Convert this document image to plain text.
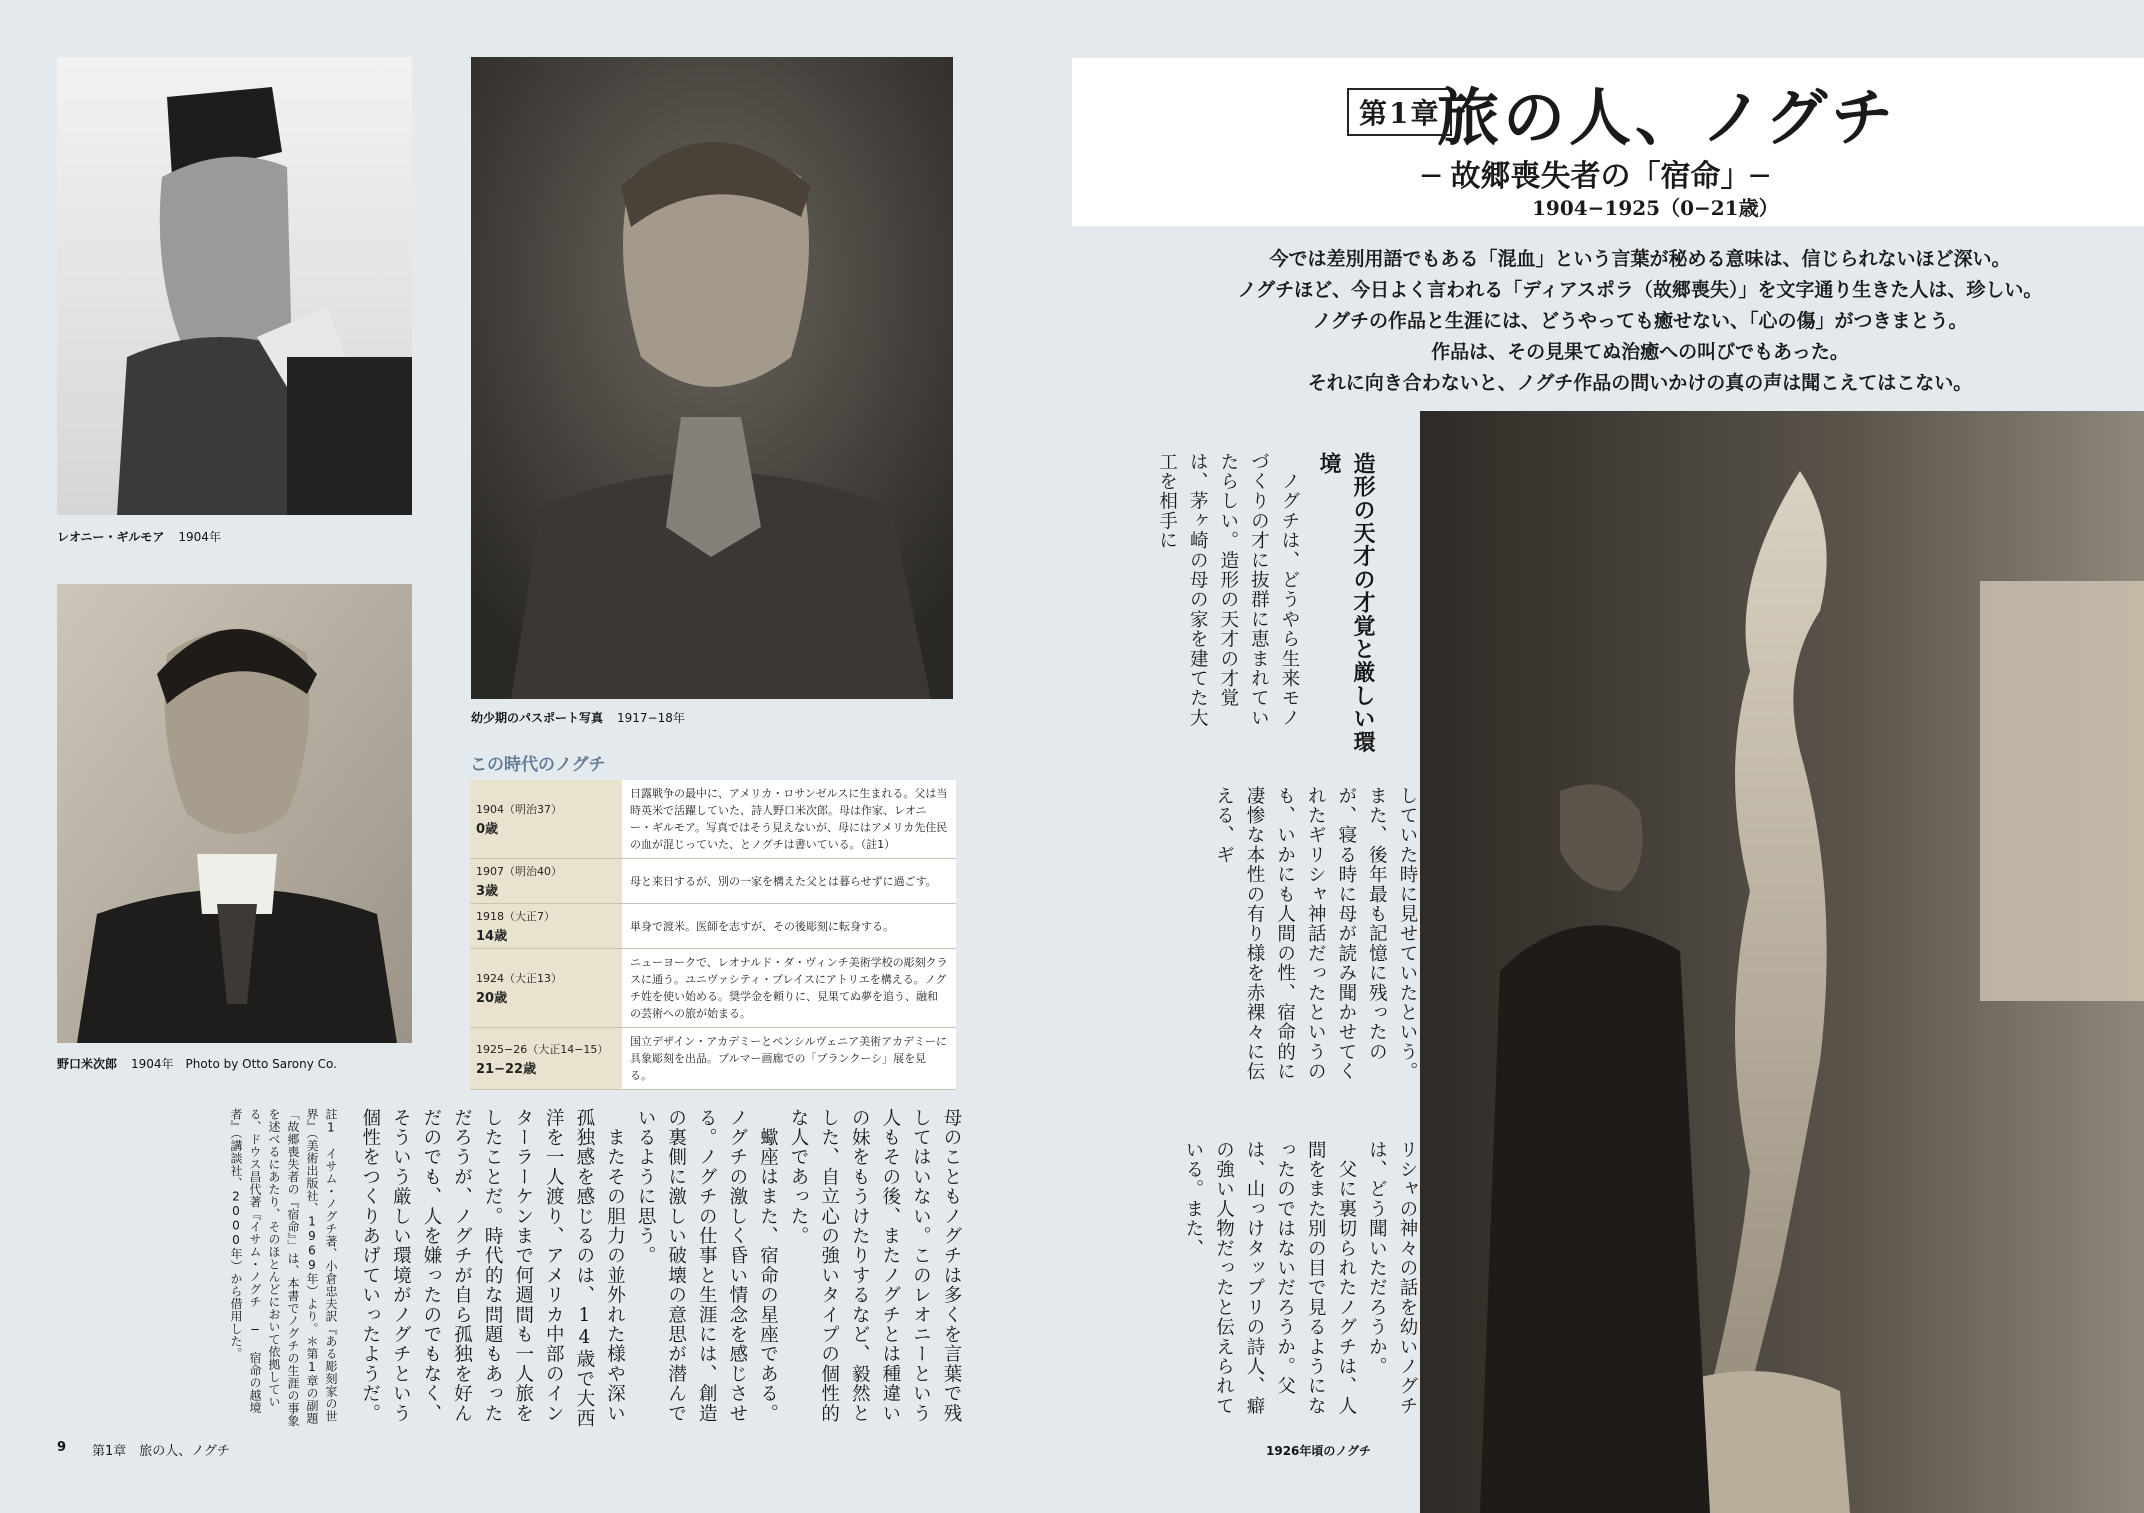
レオニー・ギルモア 1904年
野口米次郎 1904年　Photo by Otto Sarony Co.
幼少期のパスポート写真 1917−18年
この時代のノグチ
1904（明治37）
0歳	日露戦争の最中に、アメリカ・ロサンゼルスに生まれる。父は当時英米で活躍していた、詩人野口米次郎。母は作家、レオニー・ギルモア。写真ではそう見えないが、母にはアメリカ先住民の血が混じっていた、とノグチは書いている。（註1）
1907（明治40）
3歳	母と来日するが、別の一家を構えた父とは暮らせずに過ごす。
1918（大正7）
14歳	単身で渡米。医師を志すが、その後彫刻に転身する。
1924（大正13）
20歳	ニューヨークで、レオナルド・ダ・ヴィンチ美術学校の彫刻クラスに通う。ユニヴァシティ・プレイスにアトリエを構える。ノグチ姓を使い始める。奨学金を頼りに、見果てぬ夢を追う、融和の芸術への旅が始まる。
1925−26（大正14−15）
21−22歳	国立デザイン・アカデミーとペンシルヴェニア美術アカデミーに具象彫刻を出品。ブルマー画廊での「ブランクーシ」展を見る。

母のこともノグチは多くを言葉で残してはいない。このレオニーという人もその後、またノグチとは種違いの妹をもうけたりするなど、毅然とした、自立心の強いタイプの個性的な人であった。

　蠍座はまた、宿命の星座である。ノグチの激しく昏い情念を感じさせる。ノグチの仕事と生涯には、創造の裏側に激しい破壊の意思が潜んでいるように思う。

　またその胆力の並外れた様や深い孤独感を感じるのは、14歳で大西洋を一人渡り、アメリカ中部のインターラーケンまで何週間も一人旅をしたことだ。時代的な問題もあっただろうが、ノグチが自ら孤独を好んだのでも、人を嫌ったのでもなく、そういう厳しい環境がノグチという個性をつくりあげていったようだ。

註1　イサム・ノグチ著、小倉忠夫訳『ある彫刻家の世界』（美術出版社、1969年）より。＊第1章の副題「故郷喪失者の『宿命』」は、本書でノグチの生涯の事象を述べるにあたり、そのほとんどにおいて依拠している、ドウス昌代著『イサム・ノグチ ─ 宿命の越境者』（講談社、2000年）から借用した。

9 第1章　旅の人、ノグチ
第1章
旅の人、ノグチ
─ 故郷喪失者の「宿命」─
1904−1925（0−21歳）
今では差別用語でもある「混血」という言葉が秘める意味は、信じられないほど深い。
ノグチほど、今日よく言われる「ディアスポラ（故郷喪失）」を文字通り生きた人は、珍しい。
ノグチの作品と生涯には、どうやっても癒せない、「心の傷」がつきまとう。
作品は、その見果てぬ治癒への叫びでもあった。
それに向き合わないと、ノグチ作品の問いかけの真の声は聞こえてはこない。

造形の天才の才覚と厳しい環境

　ノグチは、どうやら生来モノづくりの才に抜群に恵まれていたらしい。造形の天才の才覚は、茅ヶ崎の母の家を建てた大工を相手に

していた時に見せていたという。また、後年最も記憶に残ったのが、寝る時に母が読み聞かせてくれたギリシャ神話だったというのも、いかにも人間の性、宿命的に凄惨な本性の有り様を赤裸々に伝える、ギ

リシャの神々の話を幼いノグチは、どう聞いただろうか。

　父に裏切られたノグチは、人間をまた別の目で見るようになったのではないだろうか。父は、山っけタップリの詩人、癖の強い人物だったと伝えられている。また、

1926年頃のノグチ
